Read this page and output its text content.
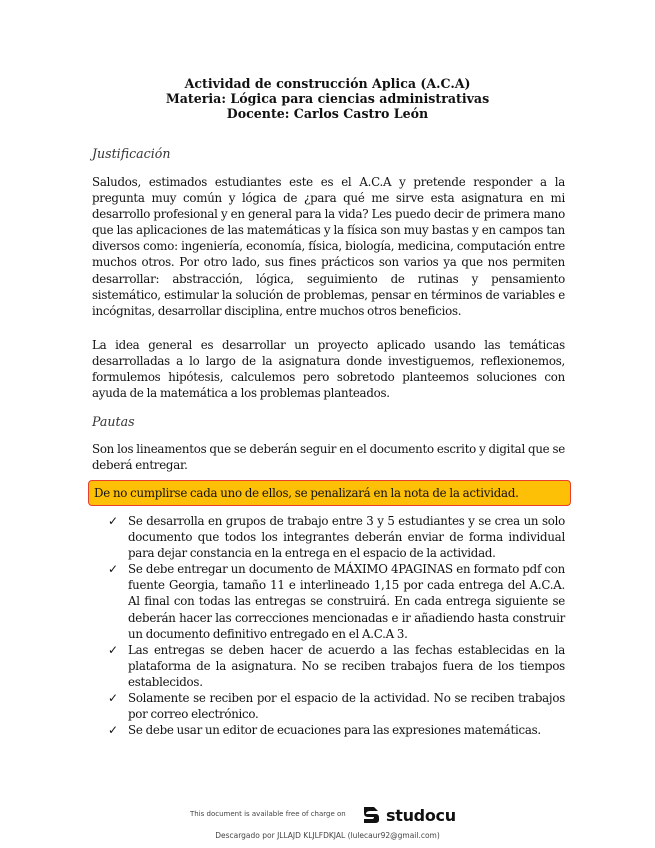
Actividad de construcción Aplica (A.C.A)
Materia: Lógica para ciencias administrativas
Docente: Carlos Castro León
Justificación
Saludos, estimados estudiantes este es el A.C.A y pretende responder a la pregunta muy común y lógica de ¿para qué me sirve esta asignatura en mi desarrollo profesional y en general para la vida? Les puedo decir de primera mano que las aplicaciones de las matemáticas y la física son muy bastas y en campos tan diversos como: ingeniería, economía, física, biología, medicina, computación entre muchos otros. Por otro lado, sus fines prácticos son varios ya que nos permiten desarrollar: abstracción, lógica, seguimiento de rutinas y pensamiento sistemático, estimular la solución de problemas, pensar en términos de variables e incógnitas, desarrollar disciplina, entre muchos otros beneficios.
La idea general es desarrollar un proyecto aplicado usando las temáticas desarrolladas a lo largo de la asignatura donde investiguemos, reflexionemos, formulemos hipótesis, calculemos pero sobretodo planteemos soluciones con ayuda de la matemática a los problemas planteados.
Pautas
Son los lineamentos que se deberán seguir en el documento escrito y digital que se deberá entregar.
De no cumplirse cada uno de ellos, se penalizará en la nota de la actividad.
✓ Se desarrolla en grupos de trabajo entre 3 y 5 estudiantes y se crea un solo documento que todos los integrantes deberán enviar de forma individual para dejar constancia en la entrega en el espacio de la actividad.
✓ Se debe entregar un documento de MÁXIMO 4PAGINAS en formato pdf con fuente Georgia, tamaño 11 e interlineado 1,15 por cada entrega del A.C.A. Al final con todas las entregas se construirá. En cada entrega siguiente se deberán hacer las correcciones mencionadas e ir añadiendo hasta construir un documento definitivo entregado en el A.C.A 3.
✓ Las entregas se deben hacer de acuerdo a las fechas establecidas en la plataforma de la asignatura. No se reciben trabajos fuera de los tiempos establecidos.
✓ Solamente se reciben por el espacio de la actividad. No se reciben trabajos por correo electrónico.
✓ Se debe usar un editor de ecuaciones para las expresiones matemáticas.
This document is available free of charge on	studocu
Descargado por JLLAJD KLJLFDKJAL (lulecaur92@gmail.com)
